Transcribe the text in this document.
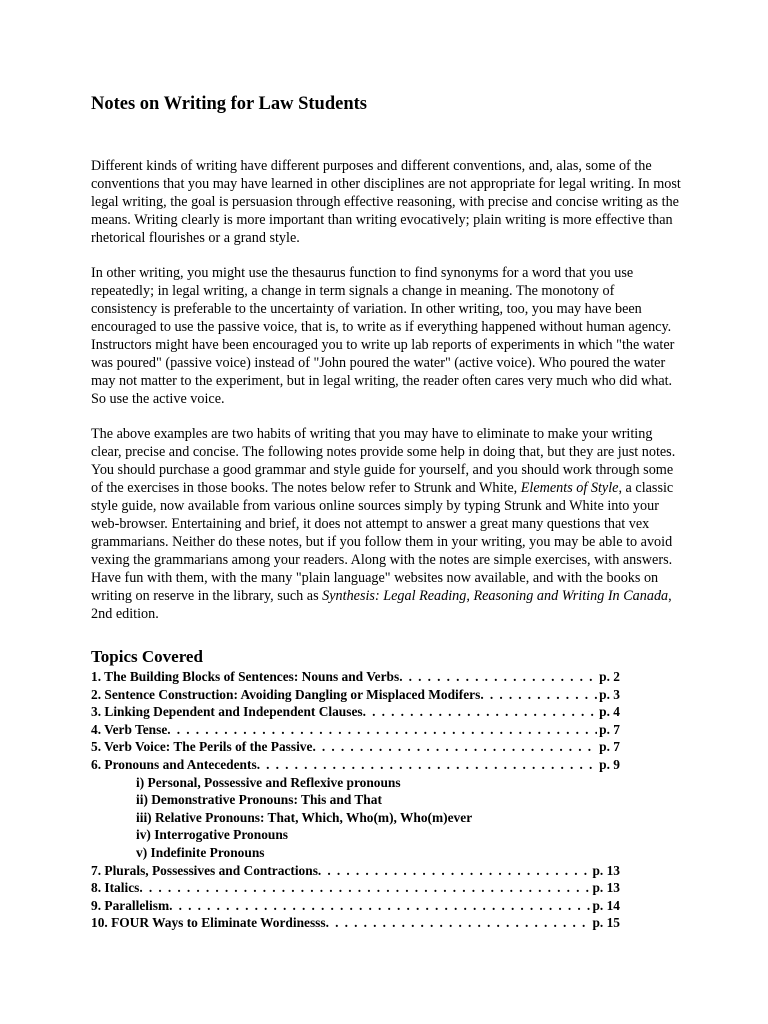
Notes on Writing for Law Students

Different kinds of writing have different purposes and different conventions, and, alas, some of the conventions that you may have learned in other disciplines are not appropriate for legal writing. In most legal writing, the goal is persuasion through effective reasoning, with precise and concise writing as the means. Writing clearly is more important than writing evocatively; plain writing is more effective than rhetorical flourishes or a grand style.

In other writing, you might use the thesaurus function to find synonyms for a word that you use repeatedly; in legal writing, a change in term signals a change in meaning. The monotony of consistency is preferable to the uncertainty of variation. In other writing, too, you may have been encouraged to use the passive voice, that is, to write as if everything happened without human agency. Instructors might have been encouraged you to write up lab reports of experiments in which "the water was poured" (passive voice) instead of "John poured the water" (active voice). Who poured the water may not matter to the experiment, but in legal writing, the reader often cares very much who did what. So use the active voice.

The above examples are two habits of writing that you may have to eliminate to make your writing clear, precise and concise. The following notes provide some help in doing that, but they are just notes. You should purchase a good grammar and style guide for yourself, and you should work through some of the exercises in those books. The notes below refer to Strunk and White, Elements of Style, a classic style guide, now available from various online sources simply by typing Strunk and White into your web-browser. Entertaining and brief, it does not attempt to answer a great many questions that vex grammarians. Neither do these notes, but if you follow them in your writing, you may be able to avoid vexing the grammarians among your readers. Along with the notes are simple exercises, with answers. Have fun with them, with the many "plain language" websites now available, and with the books on writing on reserve in the library, such as Synthesis: Legal Reading, Reasoning and Writing In Canada, 2nd edition.

Topics Covered
1. The Building Blocks of Sentences: Nouns and Verbs . . .	p. 2
2. Sentence Construction: Avoiding Dangling or Misplaced Modifers . . .	p. 3
3. Linking Dependent and Independent Clauses . . .	p. 4
4. Verb Tense . . .	p. 7
5. Verb Voice: The Perils of the Passive . . .	p. 7
6. Pronouns and Antecedents . . .	p. 9
i) Personal, Possessive and Reflexive pronouns
ii) Demonstrative Pronouns: This and That
iii) Relative Pronouns: That, Which, Who(m), Who(m)ever
iv) Interrogative Pronouns
v) Indefinite Pronouns
7. Plurals, Possessives and Contractions . . .	p. 13
8. Italics . . .	p. 13
9. Parallelism . . .	p. 14
10. FOUR Ways to Eliminate Wordinesss . . .	p. 15
